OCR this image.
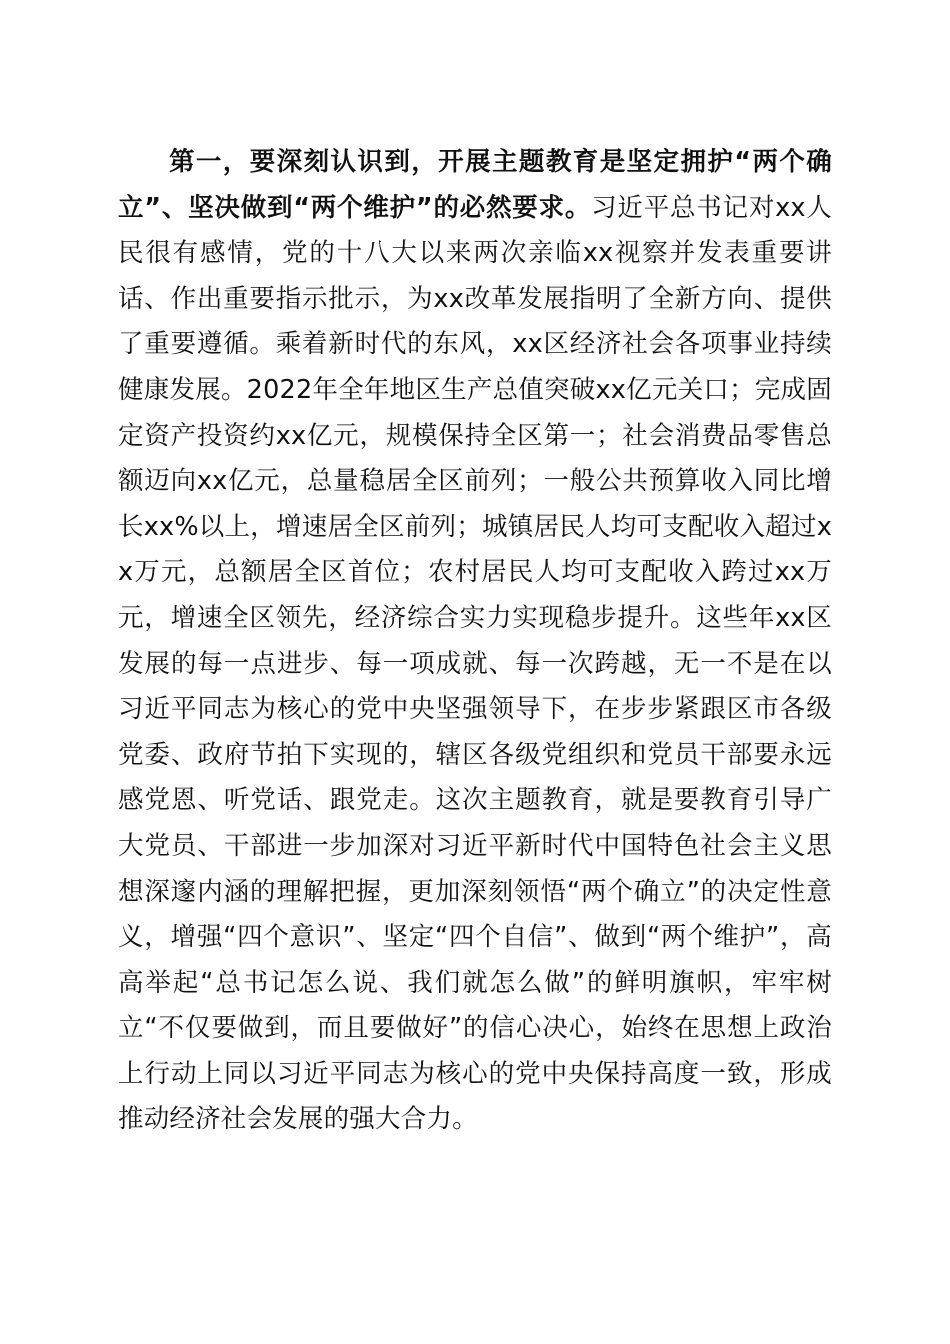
第一，要深刻认识到，开展主题教育是坚定拥护“两个确立”、坚决做到“两个维护”的必然要求。习近平总书记对xx人民很有感情，党的十八大以来两次亲临xx视察并发表重要讲话、作出重要指示批示，为xx改革发展指明了全新方向、提供了重要遵循。乘着新时代的东风，xx区经济社会各项事业持续健康发展。2022年全年地区生产总值突破xx亿元关口；完成固定资产投资约xx亿元，规模保持全区第一；社会消费品零售总额迈向xx亿元，总量稳居全区前列；一般公共预算收入同比增长xx%以上，增速居全区前列；城镇居民人均可支配收入超过xx万元，总额居全区首位；农村居民人均可支配收入跨过xx万元，增速全区领先，经济综合实力实现稳步提升。这些年xx区发展的每一点进步、每一项成就、每一次跨越，无一不是在以习近平同志为核心的党中央坚强领导下，在步步紧跟区市各级党委、政府节拍下实现的，辖区各级党组织和党员干部要永远感党恩、听党话、跟党走。这次主题教育，就是要教育引导广大党员、干部进一步加深对习近平新时代中国特色社会主义思想深邃内涵的理解把握，更加深刻领悟“两个确立”的决定性意义，增强“四个意识”、坚定“四个自信”、做到“两个维护”，高高举起“总书记怎么说、我们就怎么做”的鲜明旗帜，牢牢树立“不仅要做到，而且要做好”的信心决心，始终在思想上政治上行动上同以习近平同志为核心的党中央保持高度一致，形成推动经济社会发展的强大合力。
